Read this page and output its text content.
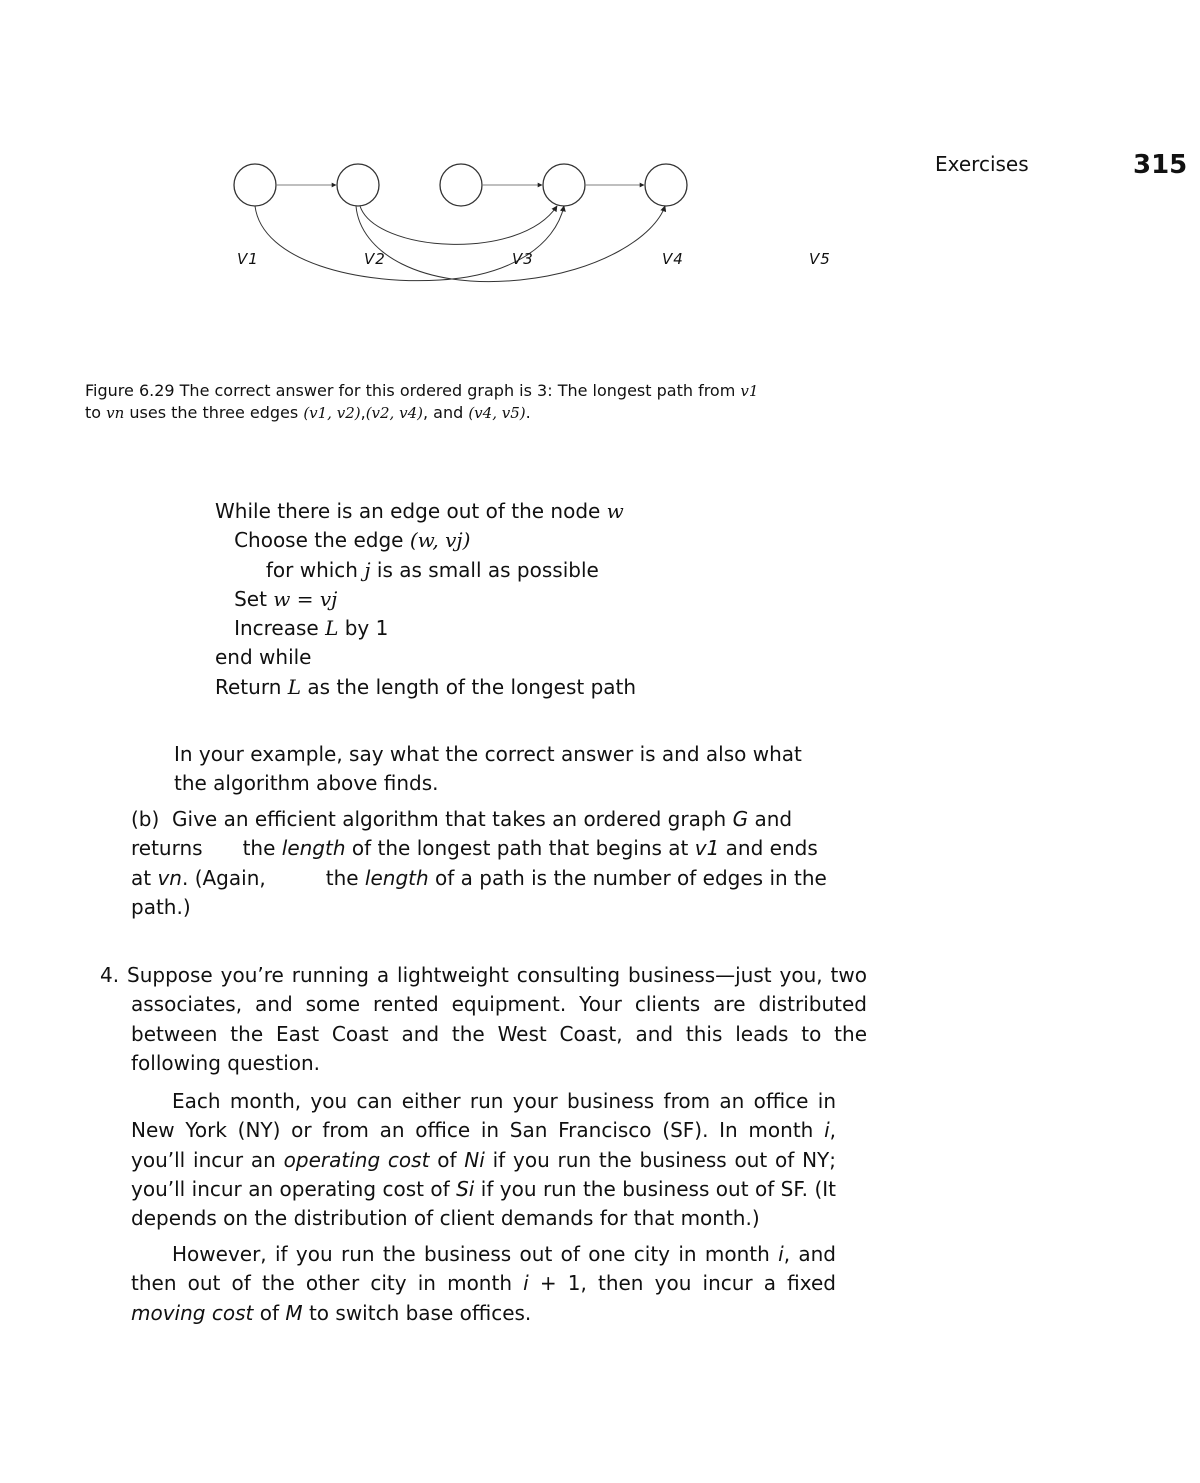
Exercises	315
V1	V2	V3	V4	V5
Figure 6.29 The correct answer for this ordered graph is 3: The longest path from v1
to vn uses the three edges (v1, v2),(v2, v4), and (v4, v5).
While there is an edge out of the node w
Choose the edge (w, vj)
for which j is as small as possible
Set w = vj
Increase L by 1
end while
Return L as the length of the longest path
In your example, say what the correct answer is and also what
the algorithm above finds.
(b) Give an efficient algorithm that takes an ordered graph G and returns the length of the longest path that begins at v1 and ends at vn. (Again,	the length of a path is the number of edges in the path.)
4. Suppose you’re running a lightweight consulting business—just you, two associates, and some rented equipment. Your clients are distributed between the East Coast and the West Coast, and this leads to the following question.
Each month, you can either run your business from an office in New York (NY) or from an office in San Francisco (SF). In month i, you’ll incur an operating cost of Ni if you run the business out of NY; you’ll incur an operating cost of Si if you run the business out of SF. (It depends on the distribution of client demands for that month.)
However, if you run the business out of one city in month i, and then out of the other city in month i + 1, then you incur a fixed moving cost of M to switch base offices.
